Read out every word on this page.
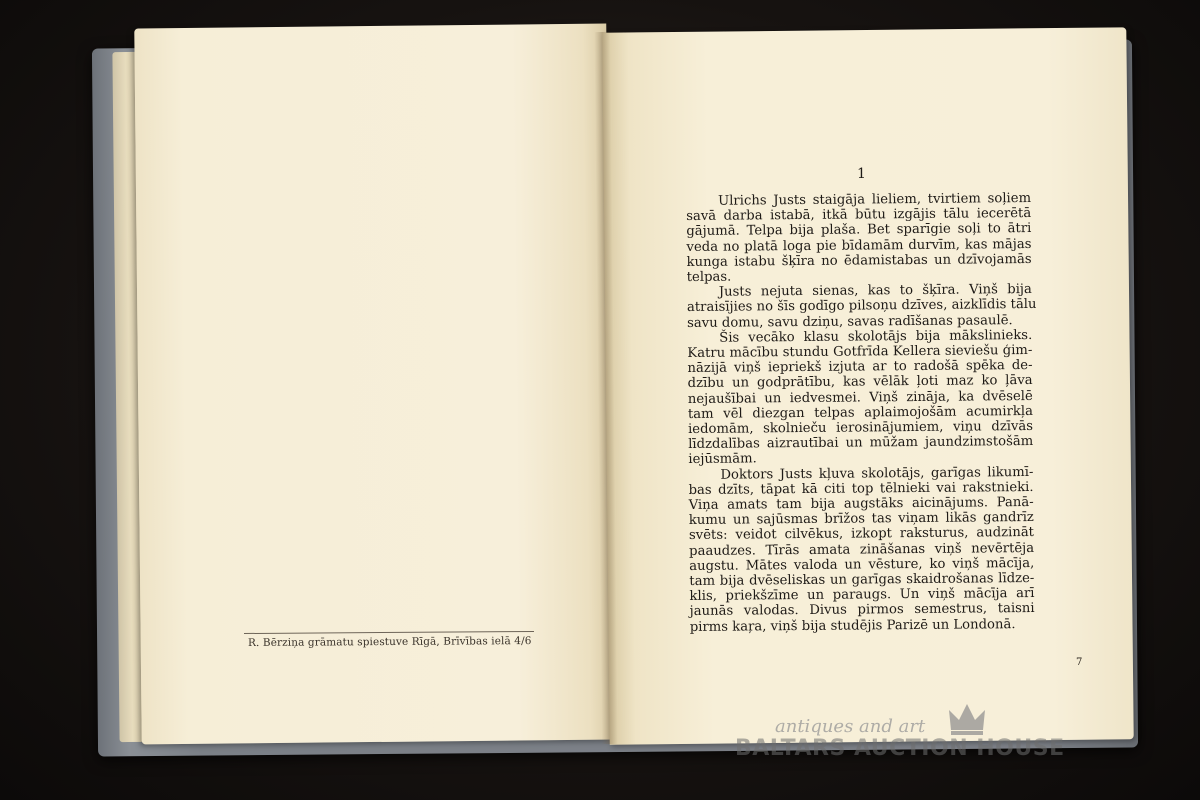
R. Bērziņa grāmatu spiestuve Rīgā, Brīvības ielā 4/6
1
Ulrichs Justs staigāja lieliem, tvirtiem soļiem
savā darba istabā, itkā būtu izgājis tālu iecerētā
gājumā. Telpa bija plaša. Bet sparīgie soļi to ātri
veda no platā loga pie bīdamām durvīm, kas mājas
kunga istabu šķīra no ēdamistabas un dzīvojamās
telpas.
Justs nejuta sienas, kas to šķīra. Viņš bija
atraisījies no šīs godīgo pilsoņu dzīves, aizklīdis tālu
savu domu, savu dziņu, savas radīšanas pasaulē.
Šis vecāko klasu skolotājs bija mākslinieks.
Katru mācību stundu Gotfrīda Kellera sieviešu ģim-
nāzijā viņš iepriekš izjuta ar to radošā spēka de-
dzību un godprātību, kas vēlāk ļoti maz ko ļāva
nejaušībai un iedvesmei. Viņš zināja, ka dvēselē
tam vēl diezgan telpas aplaimojošām acumirkļa
iedomām, skolnieču ierosinājumiem, viņu dzīvās
līdzdalības aizrautībai un mūžam jaundzimstošām
iejūsmām.
Doktors Justs kļuva skolotājs, garīgas likumī-
bas dzīts, tāpat kā citi top tēlnieki vai rakstnieki.
Viņa amats tam bija augstāks aicinājums. Panā-
kumu un sajūsmas brīžos tas viņam likās gandrīz
svēts: veidot cilvēkus, izkopt raksturus, audzināt
paaudzes. Tīrās amata zināšanas viņš nevērtēja
augstu. Mātes valoda un vēsture, ko viņš mācīja,
tam bija dvēseliskas un garīgas skaidrošanas līdze-
klis, priekšzīme un paraugs. Un viņš mācīja arī
jaunās valodas. Divus pirmos semestrus, taisni
pirms kaŗa, viņš bija studējis Parizē un Londonā.
7
antiques and art
BALTARS AUCTION HOUSE
